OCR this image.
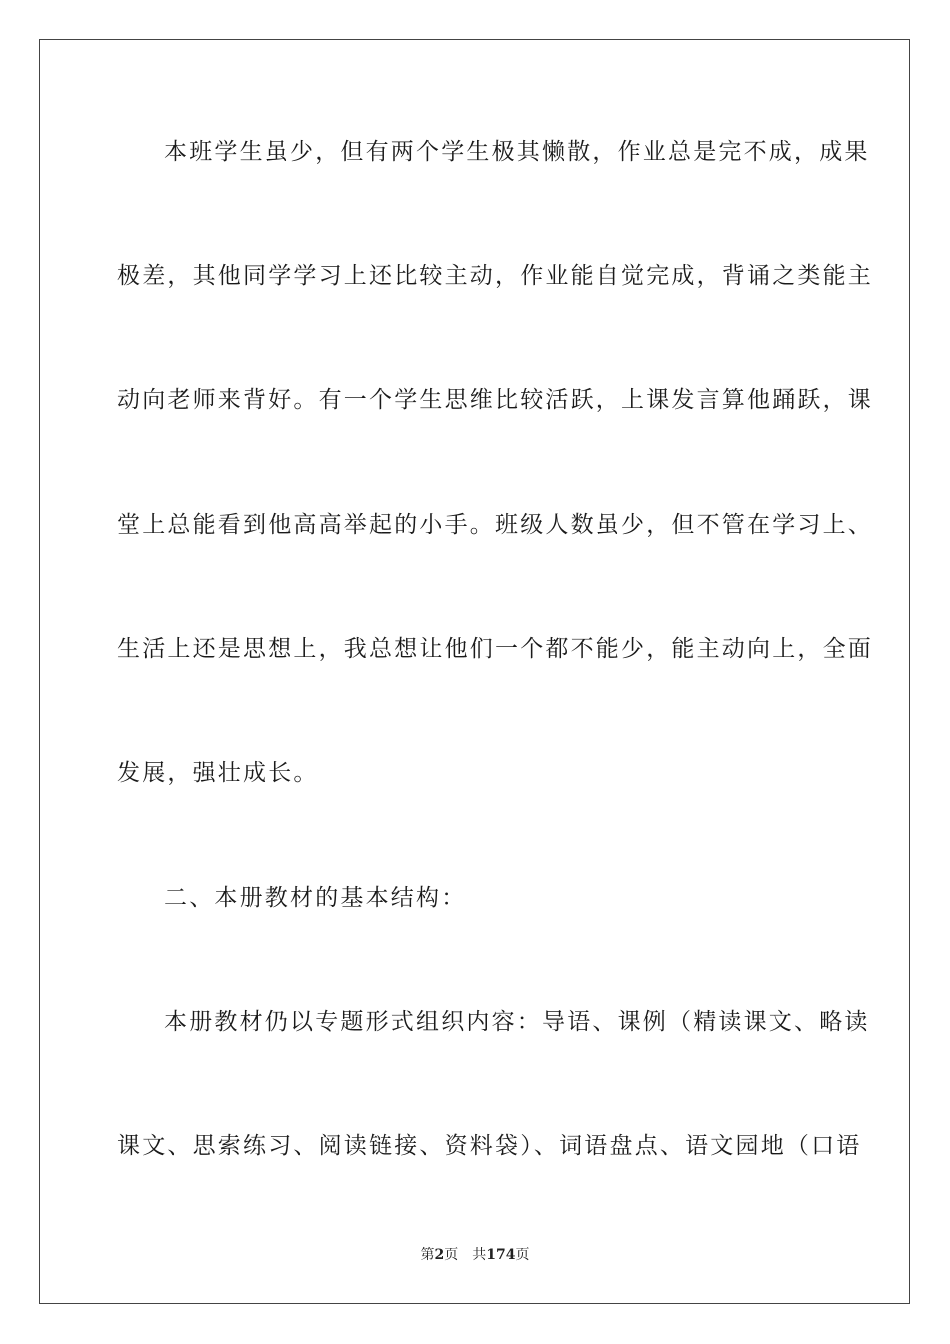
本班学生虽少，但有两个学生极其懒散，作业总是完不成，成果
极差，其他同学学习上还比较主动，作业能自觉完成，背诵之类能主
动向老师来背好。有一个学生思维比较活跃，上课发言算他踊跃，课
堂上总能看到他高高举起的小手。班级人数虽少，但不管在学习上、
生活上还是思想上，我总想让他们一个都不能少，能主动向上，全面
发展，强壮成长。
二、本册教材的基本结构：
本册教材仍以专题形式组织内容：导语、课例（精读课文、略读
课文、思索练习、阅读链接、资料袋）、词语盘点、语文园地（口语
第2页　共174页
